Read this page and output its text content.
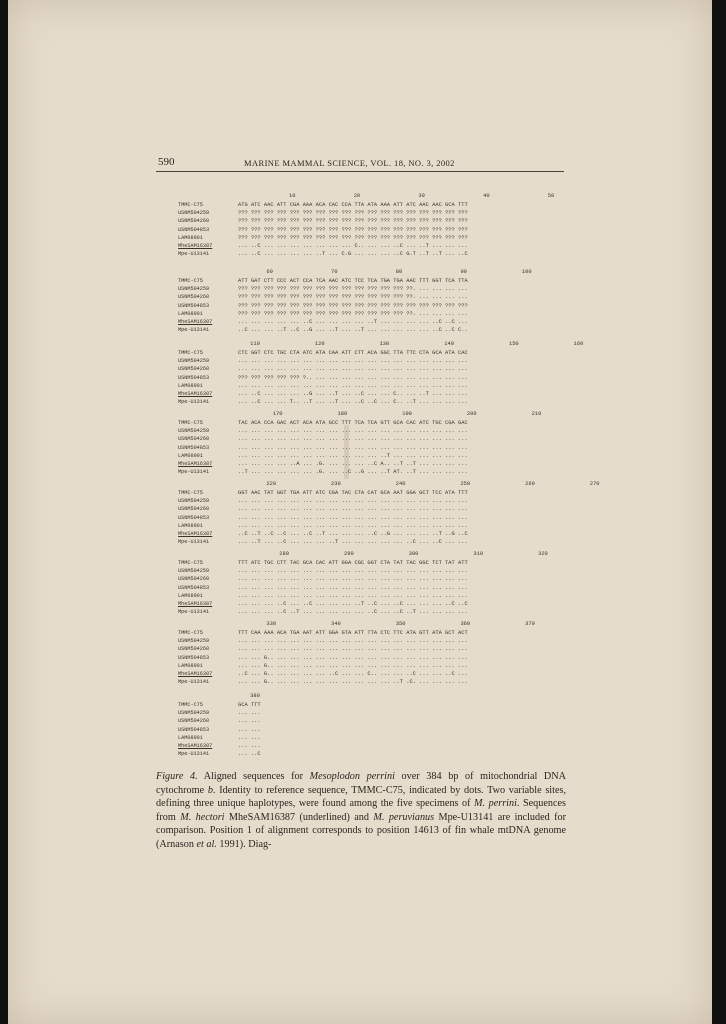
590	MARINE MAMMAL SCIENCE, VOL. 18, NO. 3, 2002
10                  20                  30                  40                  50
TMMC-C75	ATG ATC AAC ATT CGA AAA ACA CAC CCA TTA ATA AAA ATT ATC AAC AAC GCA TTT
USNM504259	??? ??? ??? ??? ??? ??? ??? ??? ??? ??? ??? ??? ??? ??? ??? ??? ??? ???
USNM504260	??? ??? ??? ??? ??? ??? ??? ??? ??? ??? ??? ??? ??? ??? ??? ??? ??? ???
USNM504853	??? ??? ??? ??? ??? ??? ??? ??? ??? ??? ??? ??? ??? ??? ??? ??? ??? ???
LAM08901	??? ??? ??? ??? ??? ??? ??? ??? ??? ??? ??? ??? ??? ??? ??? ??? ??? ???
MheSAM16387	... ..C ... ... ... ... ... ... ... C.. ... ... ..C ... ..T ... ... ...
Mpe-U13141	... ..C ... ... ... ... ..T ... C.G ... ... ... ..C G.T ..T ..T ... ..C
60                  70                  80                  90                 100
TMMC-C75	ATT GAT CTT CCC ACT CCA TCA AAC ATC TCC TCA TGA TGA AAC TTT GGT TCA TTA
USNM504259	??? ??? ??? ??? ??? ??? ??? ??? ??? ??? ??? ??? ??? ??. ... ... ... ...
USNM504260	??? ??? ??? ??? ??? ??? ??? ??? ??? ??? ??? ??? ??? ??. ... ... ... ...
USNM504853	??? ??? ??? ??? ??? ??? ??? ??? ??? ??? ??? ??? ??? ??? ??? ??? ??? ???
LAM08901	??? ??? ??? ??? ??? ??? ??? ??? ??? ??? ??? ??? ??? ??. ... ... ... ...
MheSAM16387	... ... ... ... ... ..C ... ... ... ... ..T ... ... ... ... ..C ..C ...
Mpe-U13141	..C ... ... ..T ..C ..G ... ..T ... ..T ... ... ... ... ... ..C ..C C..
110                 120                 130                 140                 150                 160
TMMC-C75	CTC GGT CTC TGC CTA ATC ATA CAA ATT CTT ACA GGC TTA TTC CTA GCA ATA CAC
USNM504259	... ... ... ... ... ... ... ... ... ... ... ... ... ... ... ... ... ...
USNM504260	... ... ... ... ... ... ... ... ... ... ... ... ... ... ... ... ... ...
USNM504853	??? ??? ??? ??? ??? ?.. ... ... ... ... ... ... ... ... ... ... ... ...
LAM08901	... ... ... ... ... ... ... ... ... ... ... ... ... ... ... ... ... ...
MheSAM16387	... ..C ... ... ... ..G ... ..T ... ..C ... ... C.. ... ..T ... ... ...
Mpe-U13141	... ..C ... ... T.. ..T ... ..T ... ..C ..C ... C.. ..T ... ... ... ...
170                 180                 190                 200                 210
TMMC-C75	TAC ACA CCA GAC ACT ACA ATA GCC TTT TCA TCA GTT GCA CAC ATC TGC CGA GAC
USNM504259	... ... ... ... ... ... ... ... ... ... ... ... ... ... ... ... ... ...
USNM504260	... ... ... ... ... ... ... ... ... ... ... ... ... ... ... ... ... ...
USNM504853	... ... ... ... ... ... ... ... ... ... ... ... ... ... ... ... ... ...
LAM08901	... ... ... ... ... ... ... ... ... ... ... ..T ... ... ... ... ... ...
MheSAM16387	... ... ... ... ..A ... .G. ... ... ... ..C A.. ..T ..T ... ... ... ...
Mpe-U13141	..T ... ... ... ... ... .G. ... ..C ..G ... ..T AT. ..T ... ... ... ...
220                 230                 240                 250                 260                 270
TMMC-C75	GGT AAC TAT GGT TGA ATT ATC CGA TAC CTA CAT GCA AAT GGA GCT TCC ATA TTT
USNM504259	... ... ... ... ... ... ... ... ... ... ... ... ... ... ... ... ... ...
USNM504260	... ... ... ... ... ... ... ... ... ... ... ... ... ... ... ... ... ...
USNM504853	... ... ... ... ... ... ... ... ... ... ... ... ... ... ... ... ... ...
LAM08901	... ... ... ... ... ... ... ... ... ... ... ... ... ... ... ... ... ...
MheSAM16387	..C ..T ..C ..C ... ..C ..T ... ... ... ..C ..G ... ... ... ..T ..G ..C
Mpe-U13141	... ..T ... ..C ... ... ... ..T ... ... ... ... ... ..C ... ..C ... ...
280                 290                 300                 310                 320
TMMC-C75	TTT ATC TGC CTT TAC GCA CAC ATT GGA CGC GGT CTA TAT TAC GGC TCT TAT ATT
USNM504259	... ... ... ... ... ... ... ... ... ... ... ... ... ... ... ... ... ...
USNM504260	... ... ... ... ... ... ... ... ... ... ... ... ... ... ... ... ... ...
USNM504853	... ... ... ... ... ... ... ... ... ... ... ... ... ... ... ... ... ...
LAM08901	... ... ... ... ... ... ... ... ... ... ... ... ... ... ... ... ... ...
MheSAM16387	... ... ... ..C ... ..C ... ... ... ..T ..C ... ..C ... ... ... ..C ..C
Mpe-U13141	... ... ... ..C ..T ... ... ... ... ... ..C ... ..C ..T ... ... ... ...
330                 340                 350                 360                 370
TMMC-C75	TTT CAA AAA ACA TGA AAT ATT GGA GTA ATT TTA CTC TTC ATA GTT ATA GCT ACT
USNM504259	... ... ... ... ... ... ... ... ... ... ... ... ... ... ... ... ... ...
USNM504260	... ... ... ... ... ... ... ... ... ... ... ... ... ... ... ... ... ...
USNM504853	... ... G.. ... ... ... ... ... ... ... ... ... ... ... ... ... ... ...
LAM08901	... ... G.. ... ... ... ... ... ... ... ... ... ... ... ... ... ... ...
MheSAM16387	..C ... G.. ... ... ... ... ..C ... ... C.. ... ... ..C ... ... ..C ...
Mpe-U13141	... ... G.. ... ... ... ... ... ... ... ... ... ..T .C. ... ... ... ...
380
TMMC-C75	GCA TTT
USNM504259	... ...
USNM504260	... ...
USNM504853	... ...
LAM08901	... ...
MheSAM16387	... ...
Mpe-U13141	... ..C
Figure 4. Aligned sequences for Mesoplodon perrini over 384 bp of mitochondrial DNA cytochrome b. Identity to reference sequence, TMMC-C75, indicated by dots. Two variable sites, defining three unique haplotypes, were found among the five specimens of M. perrini. Sequences from M. hectori MheSAM16387 (underlined) and M. peruvianus Mpe-U13141 are included for comparison. Position 1 of alignment corresponds to position 14613 of fin whale mtDNA genome (Arnason et al. 1991). Diag-
